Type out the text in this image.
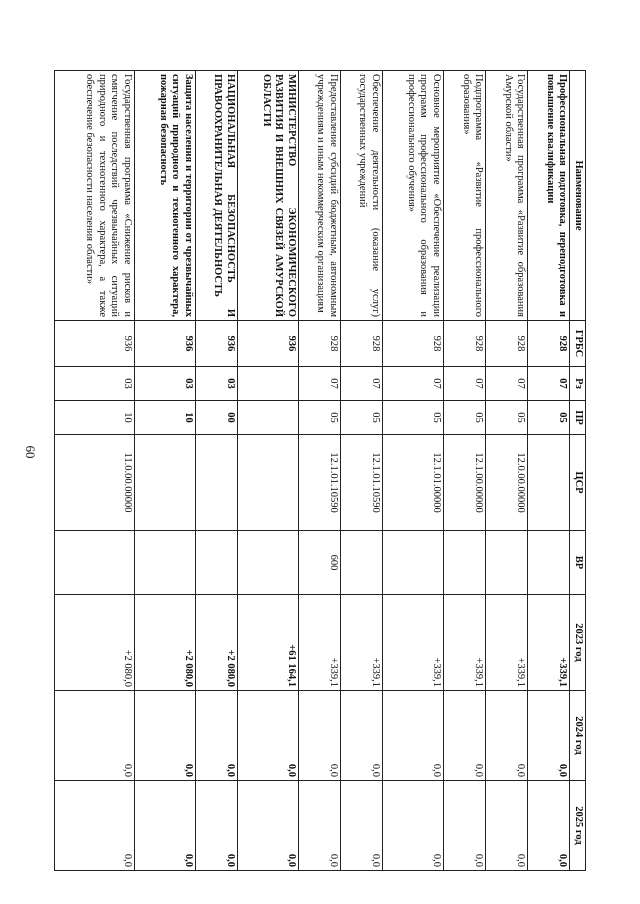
60
Наименование	ГРБС	Рз	ПР	ЦСР	ВР	2023 год	2024 год	2025 год
Профессиональная подготовка, переподготовка и повышение квалификации	928	07	05			+339,1	0,0	0,0
Государственная программа «Развитие образования Амурской области»	928	07	05	12.0.00.00000		+339,1	0,0	0,0
Подпрограмма «Развитие профессионального образования»	928	07	05	12.1.00.00000		+339,1	0,0	0,0
Основное мероприятие «Обеспечение реализации программ профессионального образования и профессионального обучения»	928	07	05	12.1.01.00000		+339,1	0,0	0,0
Обеспечение деятельности (оказание услуг) государственных учреждений	928	07	05	12.1.01.10590		+339,1	0,0	0,0
Предоставление субсидий бюджетным, автономным учреждениям и иным некоммерческим организациям	928	07	05	12.1.01.10590	600	+339,1	0,0	0,0
МИНИСТЕРСТВО ЭКОНОМИЧЕСКОГО РАЗВИТИЯ И ВНЕШНИХ СВЯЗЕЙ АМУРСКОЙ ОБЛАСТИ	936					+61 164,1	0,0	0,0
НАЦИОНАЛЬНАЯ БЕЗОПАСНОСТЬ И ПРАВООХРАНИТЕЛЬНАЯ ДЕЯТЕЛЬНОСТЬ	936	03	00			+2 080,0	0,0	0,0
Защита населения и территории от чрезвычайных ситуаций природного и техногенного характера, пожарная безопасность	936	03	10			+2 080,0	0,0	0,0
Государственная программа «Снижение рисков и смягчение последствий чрезвычайных ситуаций природного и техногенного характера, а также обеспечение безопасности населения области»	936	03	10	11.0.00.00000		+2 080,0	0,0	0,0
